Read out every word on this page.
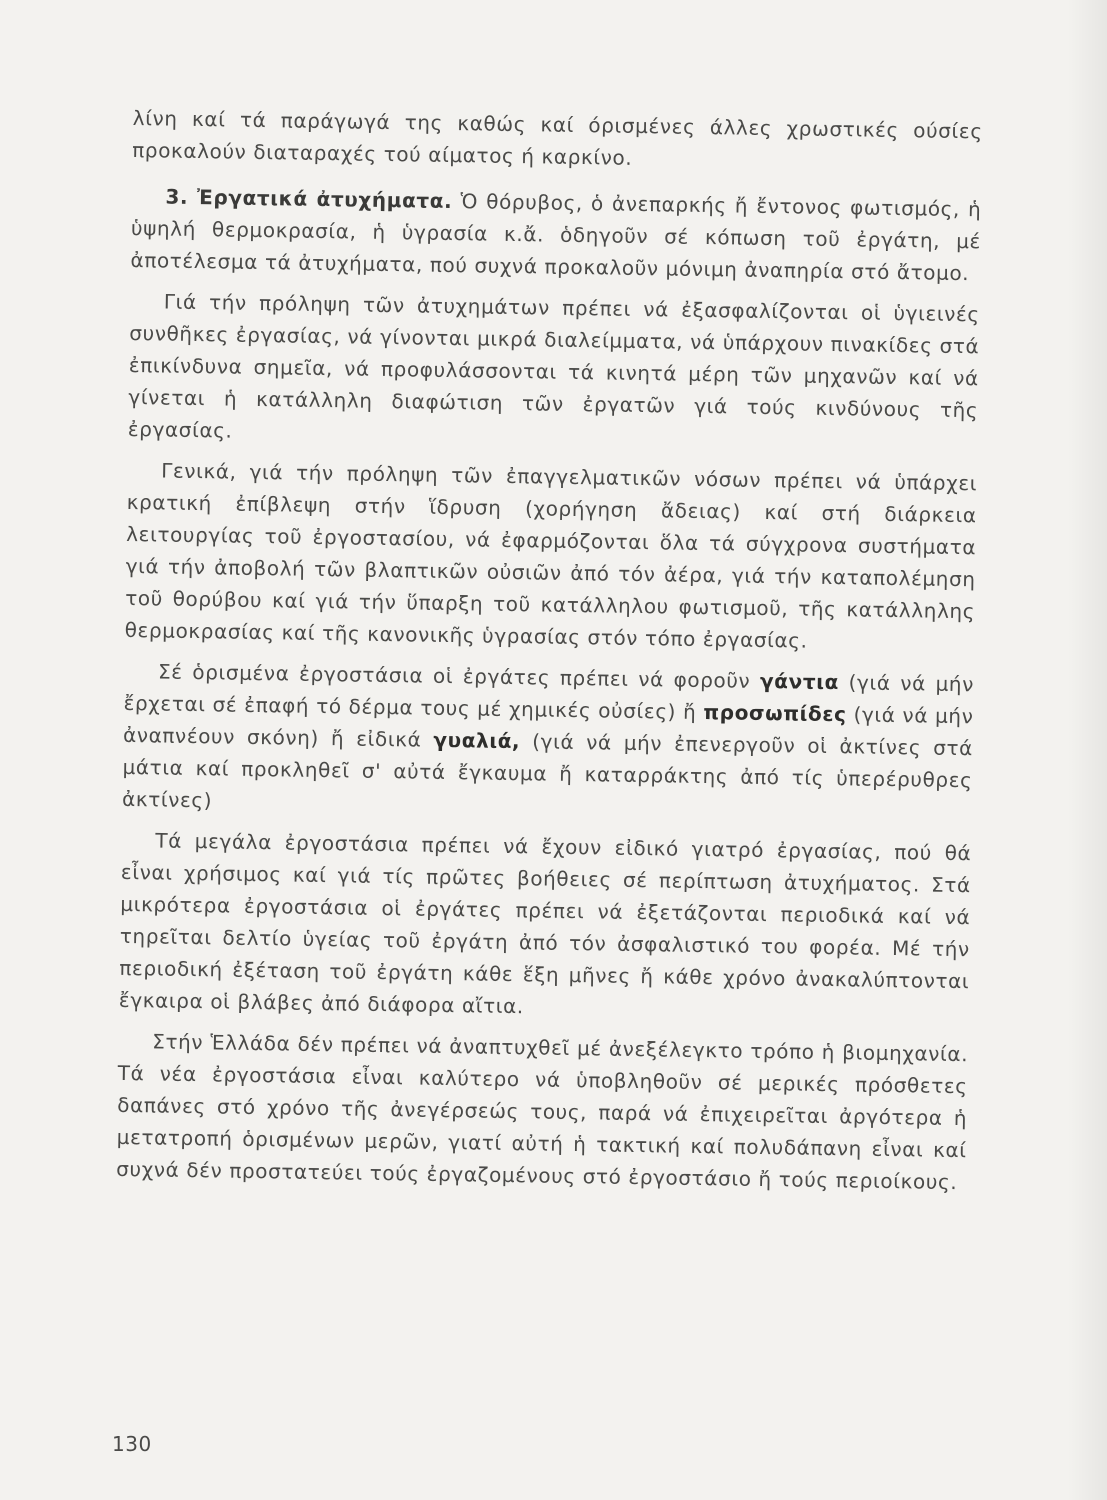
λίνη καί τά παράγωγά της καθώς καί όρισμένες άλλες χρωστικές ούσίες προκαλούν διαταραχές τού αίματος ή καρκίνο.

3. Ἐργατικά ἀτυχήματα. Ὁ θόρυβος, ὁ ἀνεπαρκής ἤ ἔντονος φωτισμός, ἡ ὑψηλή θερμοκρασία, ἡ ὑγρασία κ.ἄ. ὁδηγοῦν σέ κόπωση τοῦ ἐργάτη, μέ ἀποτέλεσμα τά ἀτυχήματα, πού συχνά προκαλοῦν μόνιμη ἀναπηρία στό ἄτομο.

Γιά τήν πρόληψη τῶν ἀτυχημάτων πρέπει νά ἐξασφαλίζονται οἱ ὑγιεινές συνθῆκες ἐργασίας, νά γίνονται μικρά διαλείμματα, νά ὑπάρχουν πινακίδες στά ἐπικίνδυνα σημεῖα, νά προφυλάσσονται τά κινητά μέρη τῶν μηχανῶν καί νά γίνεται ἡ κατάλληλη διαφώτιση τῶν ἐργατῶν γιά τούς κινδύνους τῆς ἐργασίας.

Γενικά, γιά τήν πρόληψη τῶν ἐπαγγελματικῶν νόσων πρέπει νά ὑπάρχει κρατική ἐπίβλεψη στήν ἵδρυση (χορήγηση ἄδειας) καί στή διάρκεια λειτουργίας τοῦ ἐργοστασίου, νά ἐφαρμόζονται ὅλα τά σύγχρονα συστήματα γιά τήν ἀποβολή τῶν βλαπτικῶν οὐσιῶν ἀπό τόν ἀέρα, γιά τήν καταπολέμηση τοῦ θορύβου καί γιά τήν ὕπαρξη τοῦ κατάλληλου φωτισμοῦ, τῆς κατάλληλης θερμοκρασίας καί τῆς κανονικῆς ὑγρασίας στόν τόπο ἐργασίας.

Σέ ὁρισμένα ἐργοστάσια οἱ ἐργάτες πρέπει νά φοροῦν γάντια (γιά νά μήν ἔρχεται σέ ἐπαφή τό δέρμα τους μέ χημικές οὐσίες) ἤ προσωπίδες (γιά νά μήν ἀναπνέουν σκόνη) ἤ εἰδικά γυαλιά, (γιά νά μήν ἐπενεργοῦν οἱ ἀκτίνες στά μάτια καί προκληθεῖ σ' αὐτά ἔγκαυμα ἤ καταρράκτης ἀπό τίς ὑπερέρυθρες ἀκτίνες)

Τά μεγάλα ἐργοστάσια πρέπει νά ἔχουν εἰδικό γιατρό ἐργασίας, πού θά εἶναι χρήσιμος καί γιά τίς πρῶτες βοήθειες σέ περίπτωση ἀτυχήματος. Στά μικρότερα ἐργοστάσια οἱ ἐργάτες πρέπει νά ἐξετάζονται περιοδικά καί νά τηρεῖται δελτίο ὑγείας τοῦ ἐργάτη ἀπό τόν ἀσφαλιστικό του φορέα. Μέ τήν περιοδική ἐξέταση τοῦ ἐργάτη κάθε ἕξη μῆνες ἤ κάθε χρόνο ἀνακαλύπτονται ἔγκαιρα οἱ βλάβες ἀπό διάφορα αἴτια.

Στήν Ἑλλάδα δέν πρέπει νά ἀναπτυχθεῖ μέ ἀνεξέλεγκτο τρόπο ἡ βιομηχανία. Τά νέα ἐργοστάσια εἶναι καλύτερο νά ὑποβληθοῦν σέ μερικές πρόσθετες δαπάνες στό χρόνο τῆς ἀνεγέρσεώς τους, παρά νά ἐπιχειρεῖται ἀργότερα ἡ μετατροπή ὁρισμένων μερῶν, γιατί αὐτή ἡ τακτική καί πολυδάπανη εἶναι καί συχνά δέν προστατεύει τούς ἐργαζομένους στό ἐργοστάσιο ἤ τούς περιοίκους.

130
